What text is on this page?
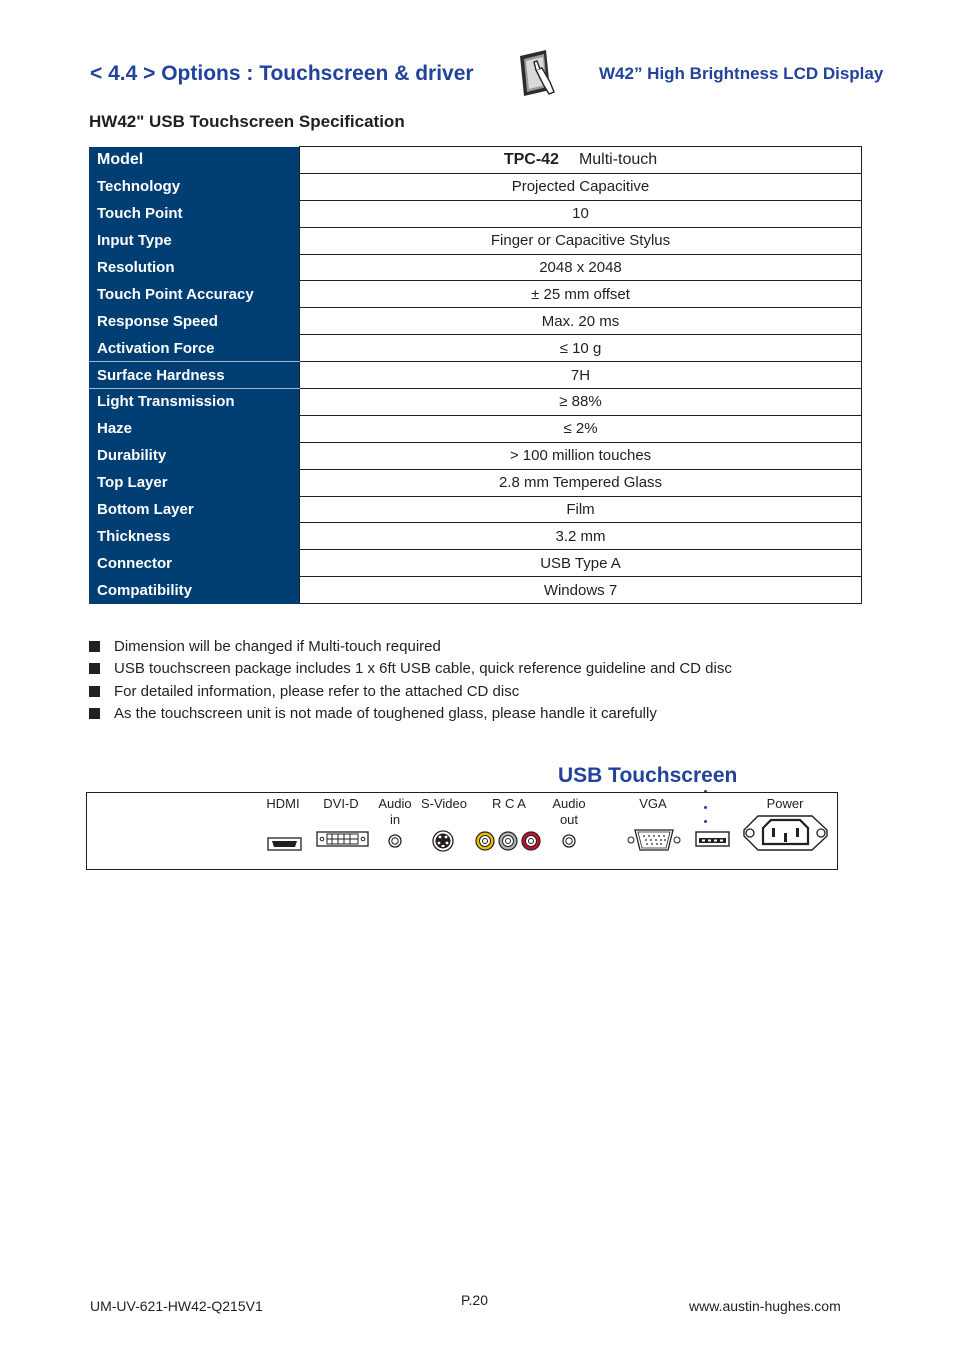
< 4.4 > Options : Touchscreen & driver	W42” High Brightness LCD Display
HW42" USB Touchscreen Specification
Model	TPC-42 Multi-touch
Technology	Projected Capacitive
Touch Point	10
Input Type	Finger or Capacitive Stylus
Resolution	2048 x 2048
Touch Point Accuracy	± 25 mm offset
Response Speed	Max. 20 ms
Activation Force	≤ 10 g
Surface Hardness	7H
Light Transmission	≥ 88%
Haze	≤ 2%
Durability	> 100 million touches
Top Layer	2.8 mm Tempered Glass
Bottom Layer	Film
Thickness	3.2 mm
Connector	USB Type A
Compatibility	Windows 7
Dimension will be changed if Multi-touch required
USB touchscreen package includes 1 x 6ft USB cable, quick reference guideline and CD disc
For detailed information, please refer to the attached CD disc
As the touchscreen unit is not made of toughened glass, please handle it carefully
USB Touchscreen
HDMI	DVI-D	Audio
in
S-Video	R C A	Audio
out
VGA	Power
UM-UV-621-HW42-Q215V1	P.20	www.austin-hughes.com
